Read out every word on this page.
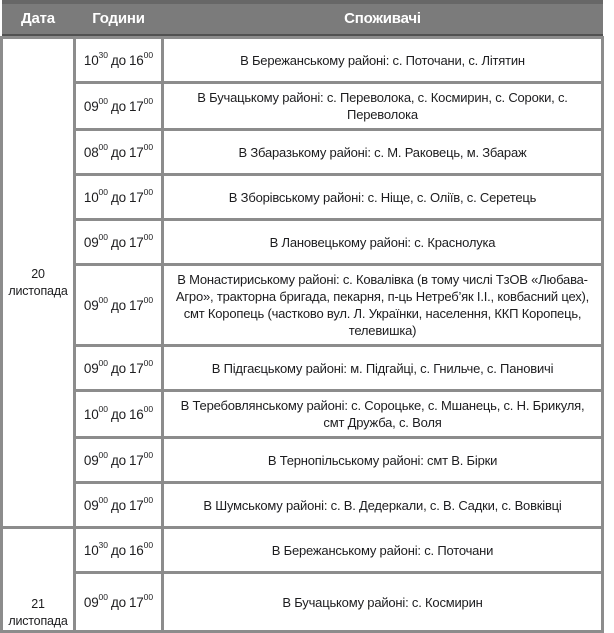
Дата	Години	Споживачі

20
листопада	$10^{30}$ до $16^{00}$	В Бережанському районі: с. Поточани, с. Літятин
	$09^{00}$ до $17^{00}$	В Бучацькому районі: с. Переволока, с. Космирин, с. Сороки, с. Переволока
	$08^{00}$ до $17^{00}$	В Збаразькому районі: с. М. Раковець, м. Збараж
	$10^{00}$ до $17^{00}$	В Зборівському районі: с. Ніще, с. Оліїв, с. Серетець
	$09^{00}$ до $17^{00}$	В Лановецькому районі: с. Краснолука
	$09^{00}$ до $17^{00}$	В Монастириському районі: с. Ковалівка (в тому числі ТзОВ «Любава-Агро», тракторна бригада, пекарня, п-ць Нетреб’як І.І., ковбасний цех), смт Коропець (частково вул. Л. Українки, населення, ККП Коропець, телевишка)
	$09^{00}$ до $17^{00}$	В Підгаєцькому районі: м. Підгайці, с. Гнильче, с. Пановичі
	$10^{00}$ до $16^{00}$	В Теребовлянському районі: с. Сороцьке, с. Мшанець, с. Н. Брикуля, смт Дружба, с. Воля
	$09^{00}$ до $17^{00}$	В Тернопільському районі: смт В. Бірки
	$09^{00}$ до $17^{00}$	В Шумському районі: с. В. Дедеркали, с. В. Садки, с. Вовківці

21
листопада	$10^{30}$ до $16^{00}$	В Бережанському районі: с. Поточани
	$09^{00}$ до $17^{00}$	В Бучацькому районі: с. Космирин
